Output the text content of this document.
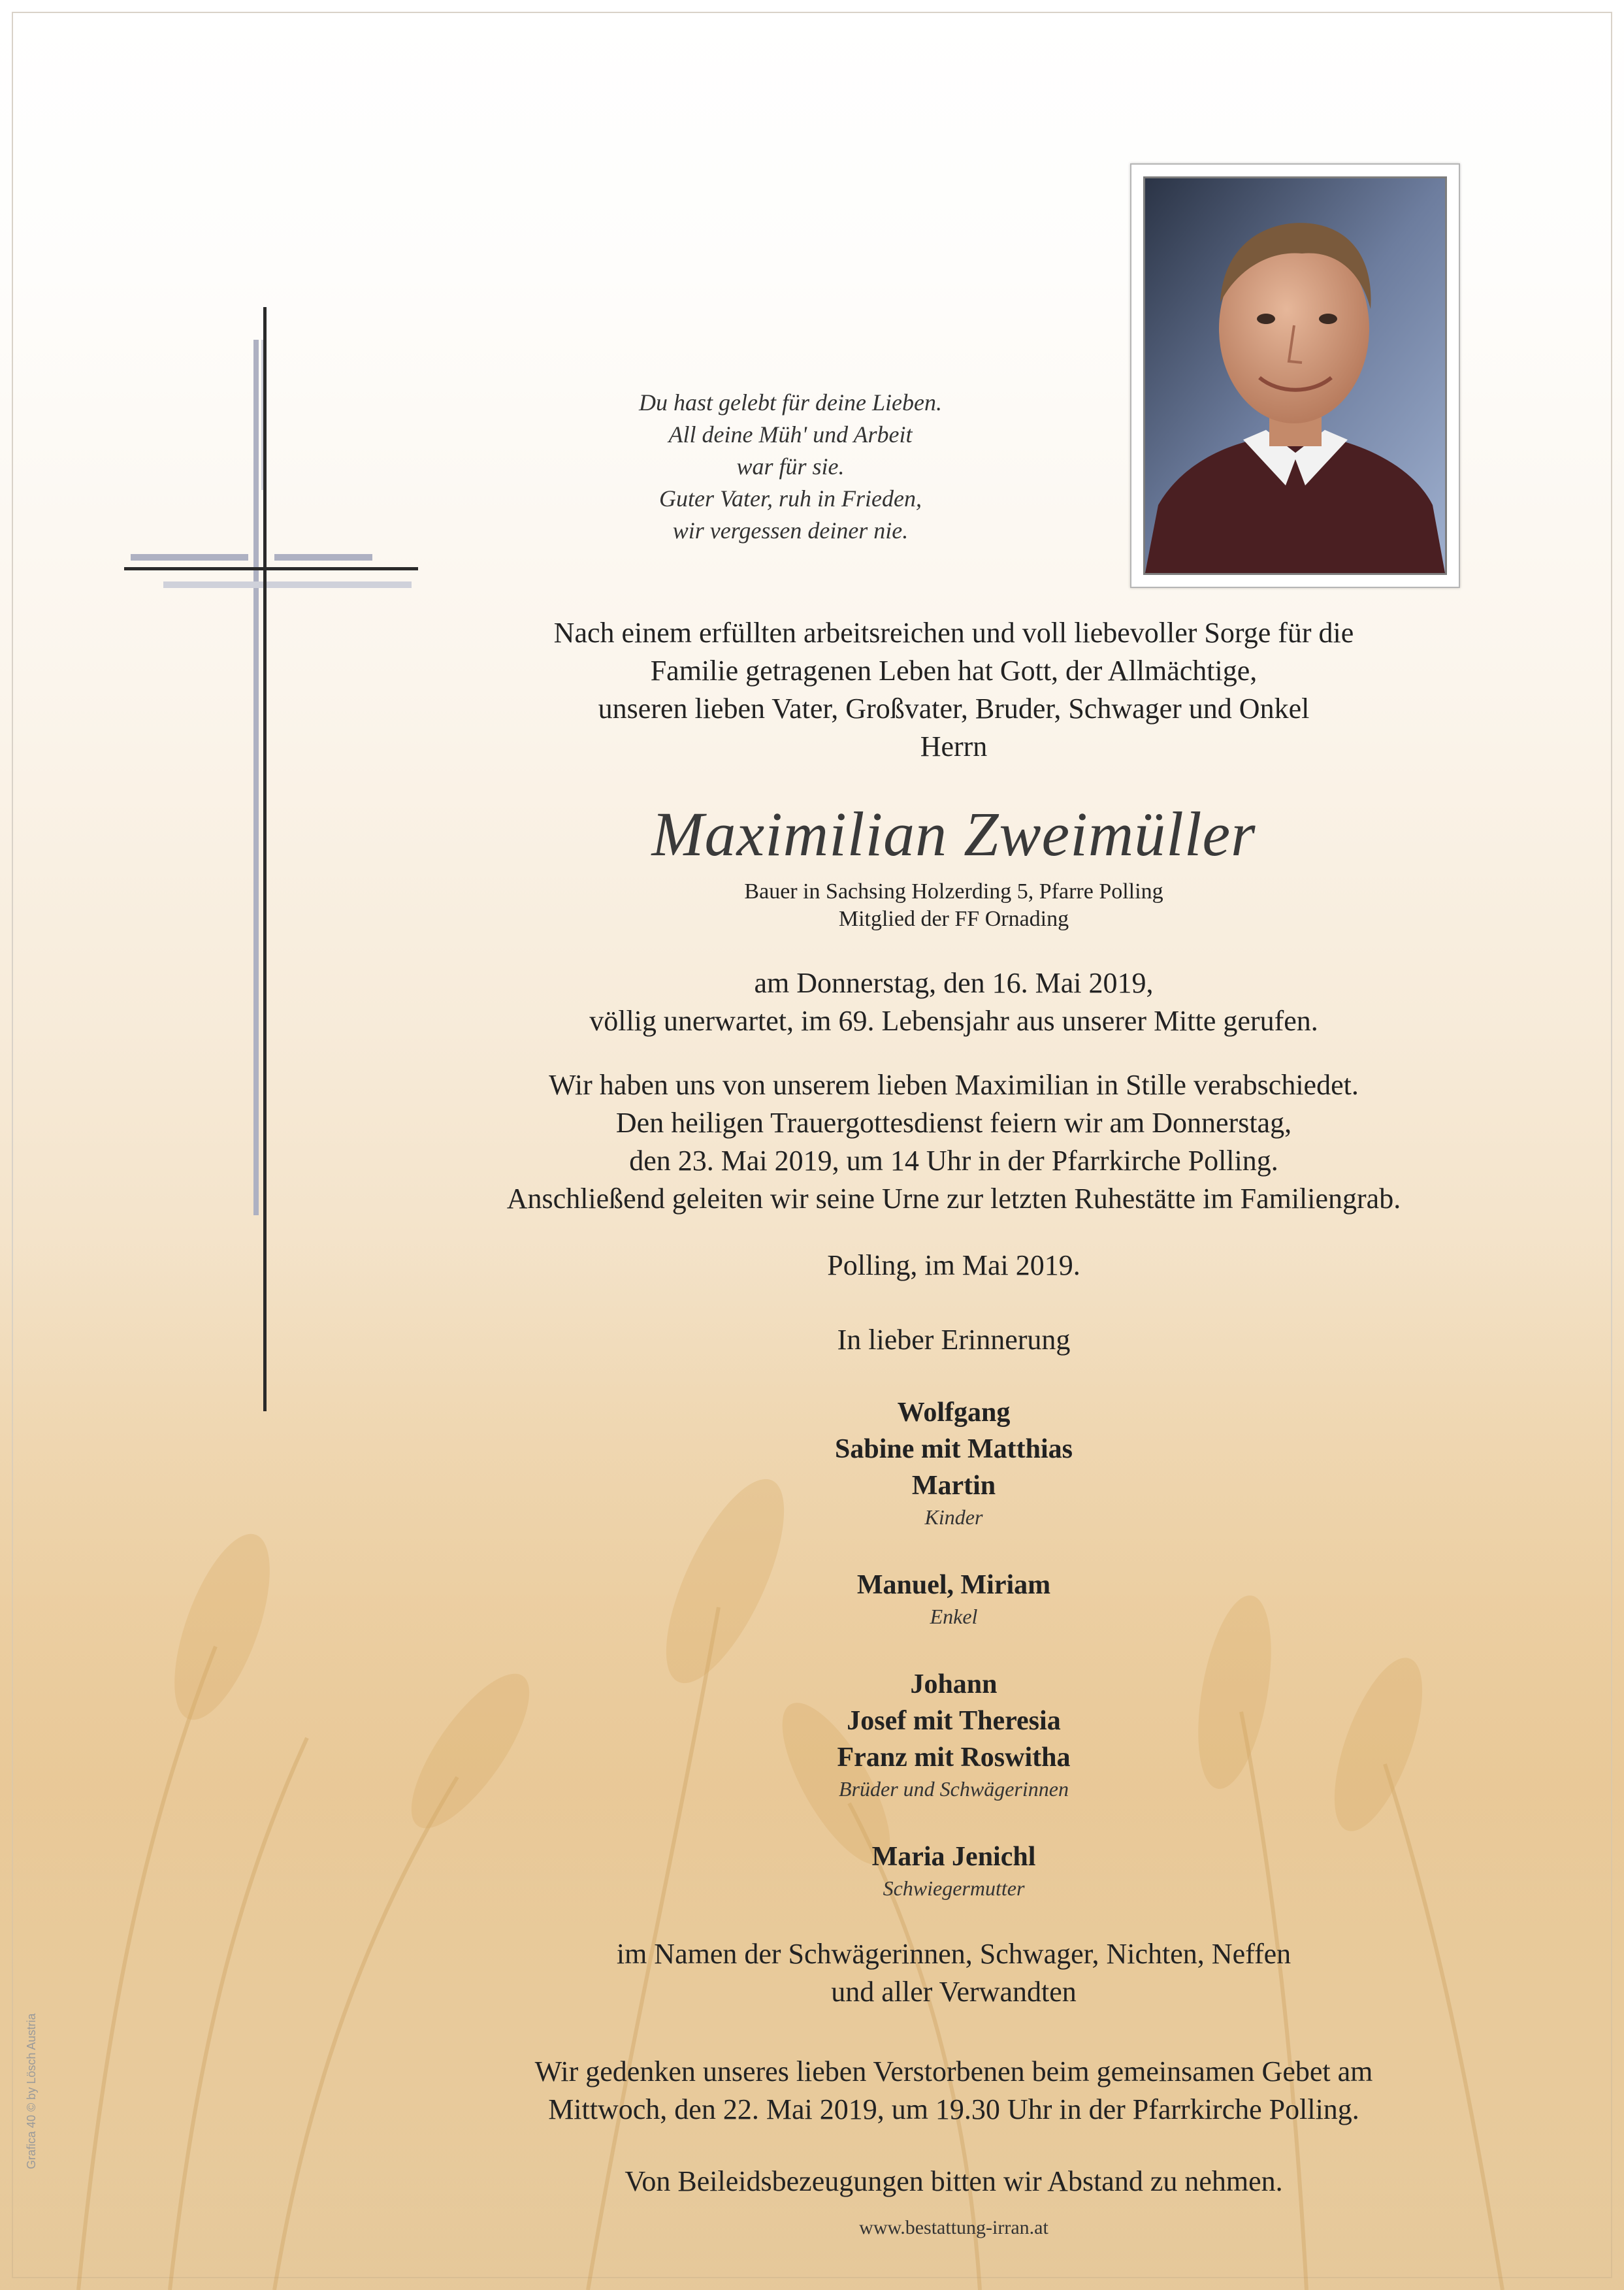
Du hast gelebt für deine Lieben.

All deine Müh' und Arbeit

war für sie.

Guter Vater, ruh in Frieden,

wir vergessen deiner nie.

Nach einem erfüllten arbeitsreichen und voll liebevoller Sorge für die

Familie getragenen Leben hat Gott, der Allmächtige,

unseren lieben Vater, Großvater, Bruder, Schwager und Onkel

Herrn

Maximilian Zweimüller
Bauer in Sachsing Holzerding 5, Pfarre Polling
Mitglied der FF Ornading

am Donnerstag, den 16. Mai 2019,

völlig unerwartet, im 69. Lebensjahr aus unserer Mitte gerufen.

Wir haben uns von unserem lieben Maximilian in Stille verabschiedet.

Den heiligen Trauergottesdienst feiern wir am Donnerstag,

den 23. Mai 2019, um 14 Uhr in der Pfarrkirche Polling.

Anschließend geleiten wir seine Urne zur letzten Ruhestätte im Familiengrab.

Polling, im Mai 2019.
In lieber Erinnerung
Wolfgang
Sabine mit Matthias
Martin
Kinder
Manuel, Miriam
Enkel
Johann
Josef mit Theresia
Franz mit Roswitha
Brüder und Schwägerinnen
Maria Jenichl
Schwiegermutter

im Namen der Schwägerinnen, Schwager, Nichten, Neffen

und aller Verwandten

Wir gedenken unseres lieben Verstorbenen beim gemeinsamen Gebet am

Mittwoch, den 22. Mai 2019, um 19.30 Uhr in der Pfarrkirche Polling.

Von Beileidsbezeugungen bitten wir Abstand zu nehmen.
www.bestattung-irran.at
Grafica 40 © by Lösch Austria
